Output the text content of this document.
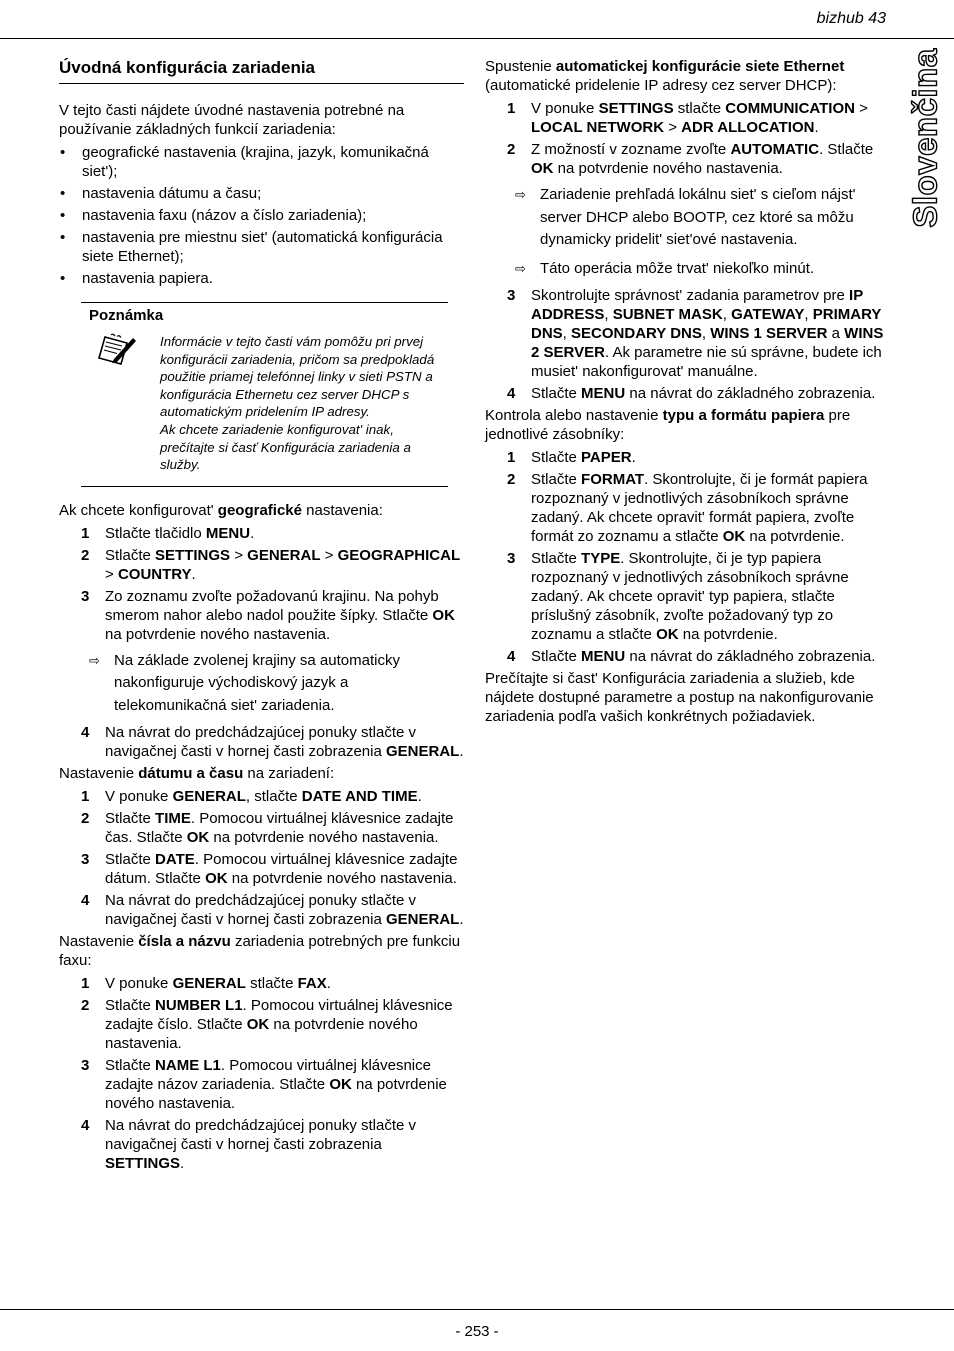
bizhub 43
Slovenčina
Úvodná konfigurácia zariadenia

V tejto časti nájdete úvodné nastavenia potrebné na používanie základných funkcií zariadenia:

• geografické nastavenia (krajina, jazyk, komunikačná siet');
• nastavenia dátumu a času;
• nastavenia faxu (názov a číslo zariadenia);
• nastavenia pre miestnu siet' (automatická konfigurácia siete Ethernet);
• nastavenia papiera.
Poznámka
Informácie v tejto časti vám pomôžu pri prvej konfigurácii zariadenia, pričom sa predpokladá použitie priamej telefónnej linky v sieti PSTN a konfigurácia Ethernetu cez server DHCP s automatickým pridelením IP adresy.
Ak chcete zariadenie konfigurovat' inak, prečítajte si časť Konfigurácia zariadenia a služby.

Ak chcete konfigurovat' geografické nastavenia:

1 Stlačte tlačidlo MENU.
2 Stlačte SETTINGS > GENERAL > GEOGRAPHICAL > COUNTRY.
3 Zo zoznamu zvoľte požadovanú krajinu. Na pohyb smerom nahor alebo nadol použite šípky. Stlačte OK na potvrdenie nového nastavenia.
⇨ Na základe zvolenej krajiny sa automaticky nakonfiguruje východiskový jazyk a telekomunikačná siet' zariadenia.
4 Na návrat do predchádzajúcej ponuky stlačte v navigačnej časti v hornej časti zobrazenia GENERAL.

Nastavenie dátumu a času na zariadení:

1 V ponuke GENERAL, stlačte DATE AND TIME.
2 Stlačte TIME. Pomocou virtuálnej klávesnice zadajte čas. Stlačte OK na potvrdenie nového nastavenia.
3 Stlačte DATE. Pomocou virtuálnej klávesnice zadajte dátum. Stlačte OK na potvrdenie nového nastavenia.
4 Na návrat do predchádzajúcej ponuky stlačte v navigačnej časti v hornej časti zobrazenia GENERAL.

Nastavenie čísla a názvu zariadenia potrebných pre funkciu faxu:

1 V ponuke GENERAL stlačte FAX.
2 Stlačte NUMBER L1. Pomocou virtuálnej klávesnice zadajte číslo. Stlačte OK na potvrdenie nového nastavenia.
3 Stlačte NAME L1. Pomocou virtuálnej klávesnice zadajte názov zariadenia. Stlačte OK na potvrdenie nového nastavenia.
4 Na návrat do predchádzajúcej ponuky stlačte v navigačnej časti v hornej časti zobrazenia SETTINGS.

Spustenie automatickej konfigurácie siete Ethernet (automatické pridelenie IP adresy cez server DHCP):

1 V ponuke SETTINGS stlačte COMMUNICATION > LOCAL NETWORK > ADR ALLOCATION.
2 Z možností v zozname zvoľte AUTOMATIC. Stlačte OK na potvrdenie nového nastavenia.
⇨ Zariadenie prehľadá lokálnu siet' s cieľom nájst' server DHCP alebo BOOTP, cez ktoré sa môžu dynamicky pridelit' siet'ové nastavenia.
⇨ Táto operácia môže trvat' niekoľko minút.
3 Skontrolujte správnost' zadania parametrov pre IP ADDRESS, SUBNET MASK, GATEWAY, PRIMARY DNS, SECONDARY DNS, WINS 1 SERVER a WINS 2 SERVER. Ak parametre nie sú správne, budete ich musiet' nakonfigurovat' manuálne.
4 Stlačte MENU na návrat do základného zobrazenia.

Kontrola alebo nastavenie typu a formátu papiera pre jednotlivé zásobníky:

1 Stlačte PAPER.
2 Stlačte FORMAT. Skontrolujte, či je formát papiera rozpoznaný v jednotlivých zásobníkoch správne zadaný. Ak chcete opravit' formát papiera, zvoľte formát zo zoznamu a stlačte OK na potvrdenie.
3 Stlačte TYPE. Skontrolujte, či je typ papiera rozpoznaný v jednotlivých zásobníkoch správne zadaný. Ak chcete opravit' typ papiera, stlačte príslušný zásobník, zvoľte požadovaný typ zo zoznamu a stlačte OK na potvrdenie.
4 Stlačte MENU na návrat do základného zobrazenia.

Prečítajte si čast' Konfigurácia zariadenia a služieb, kde nájdete dostupné parametre a postup na nakonfigurovanie zariadenia podľa vašich konkrétnych požiadaviek.

- 253 -
